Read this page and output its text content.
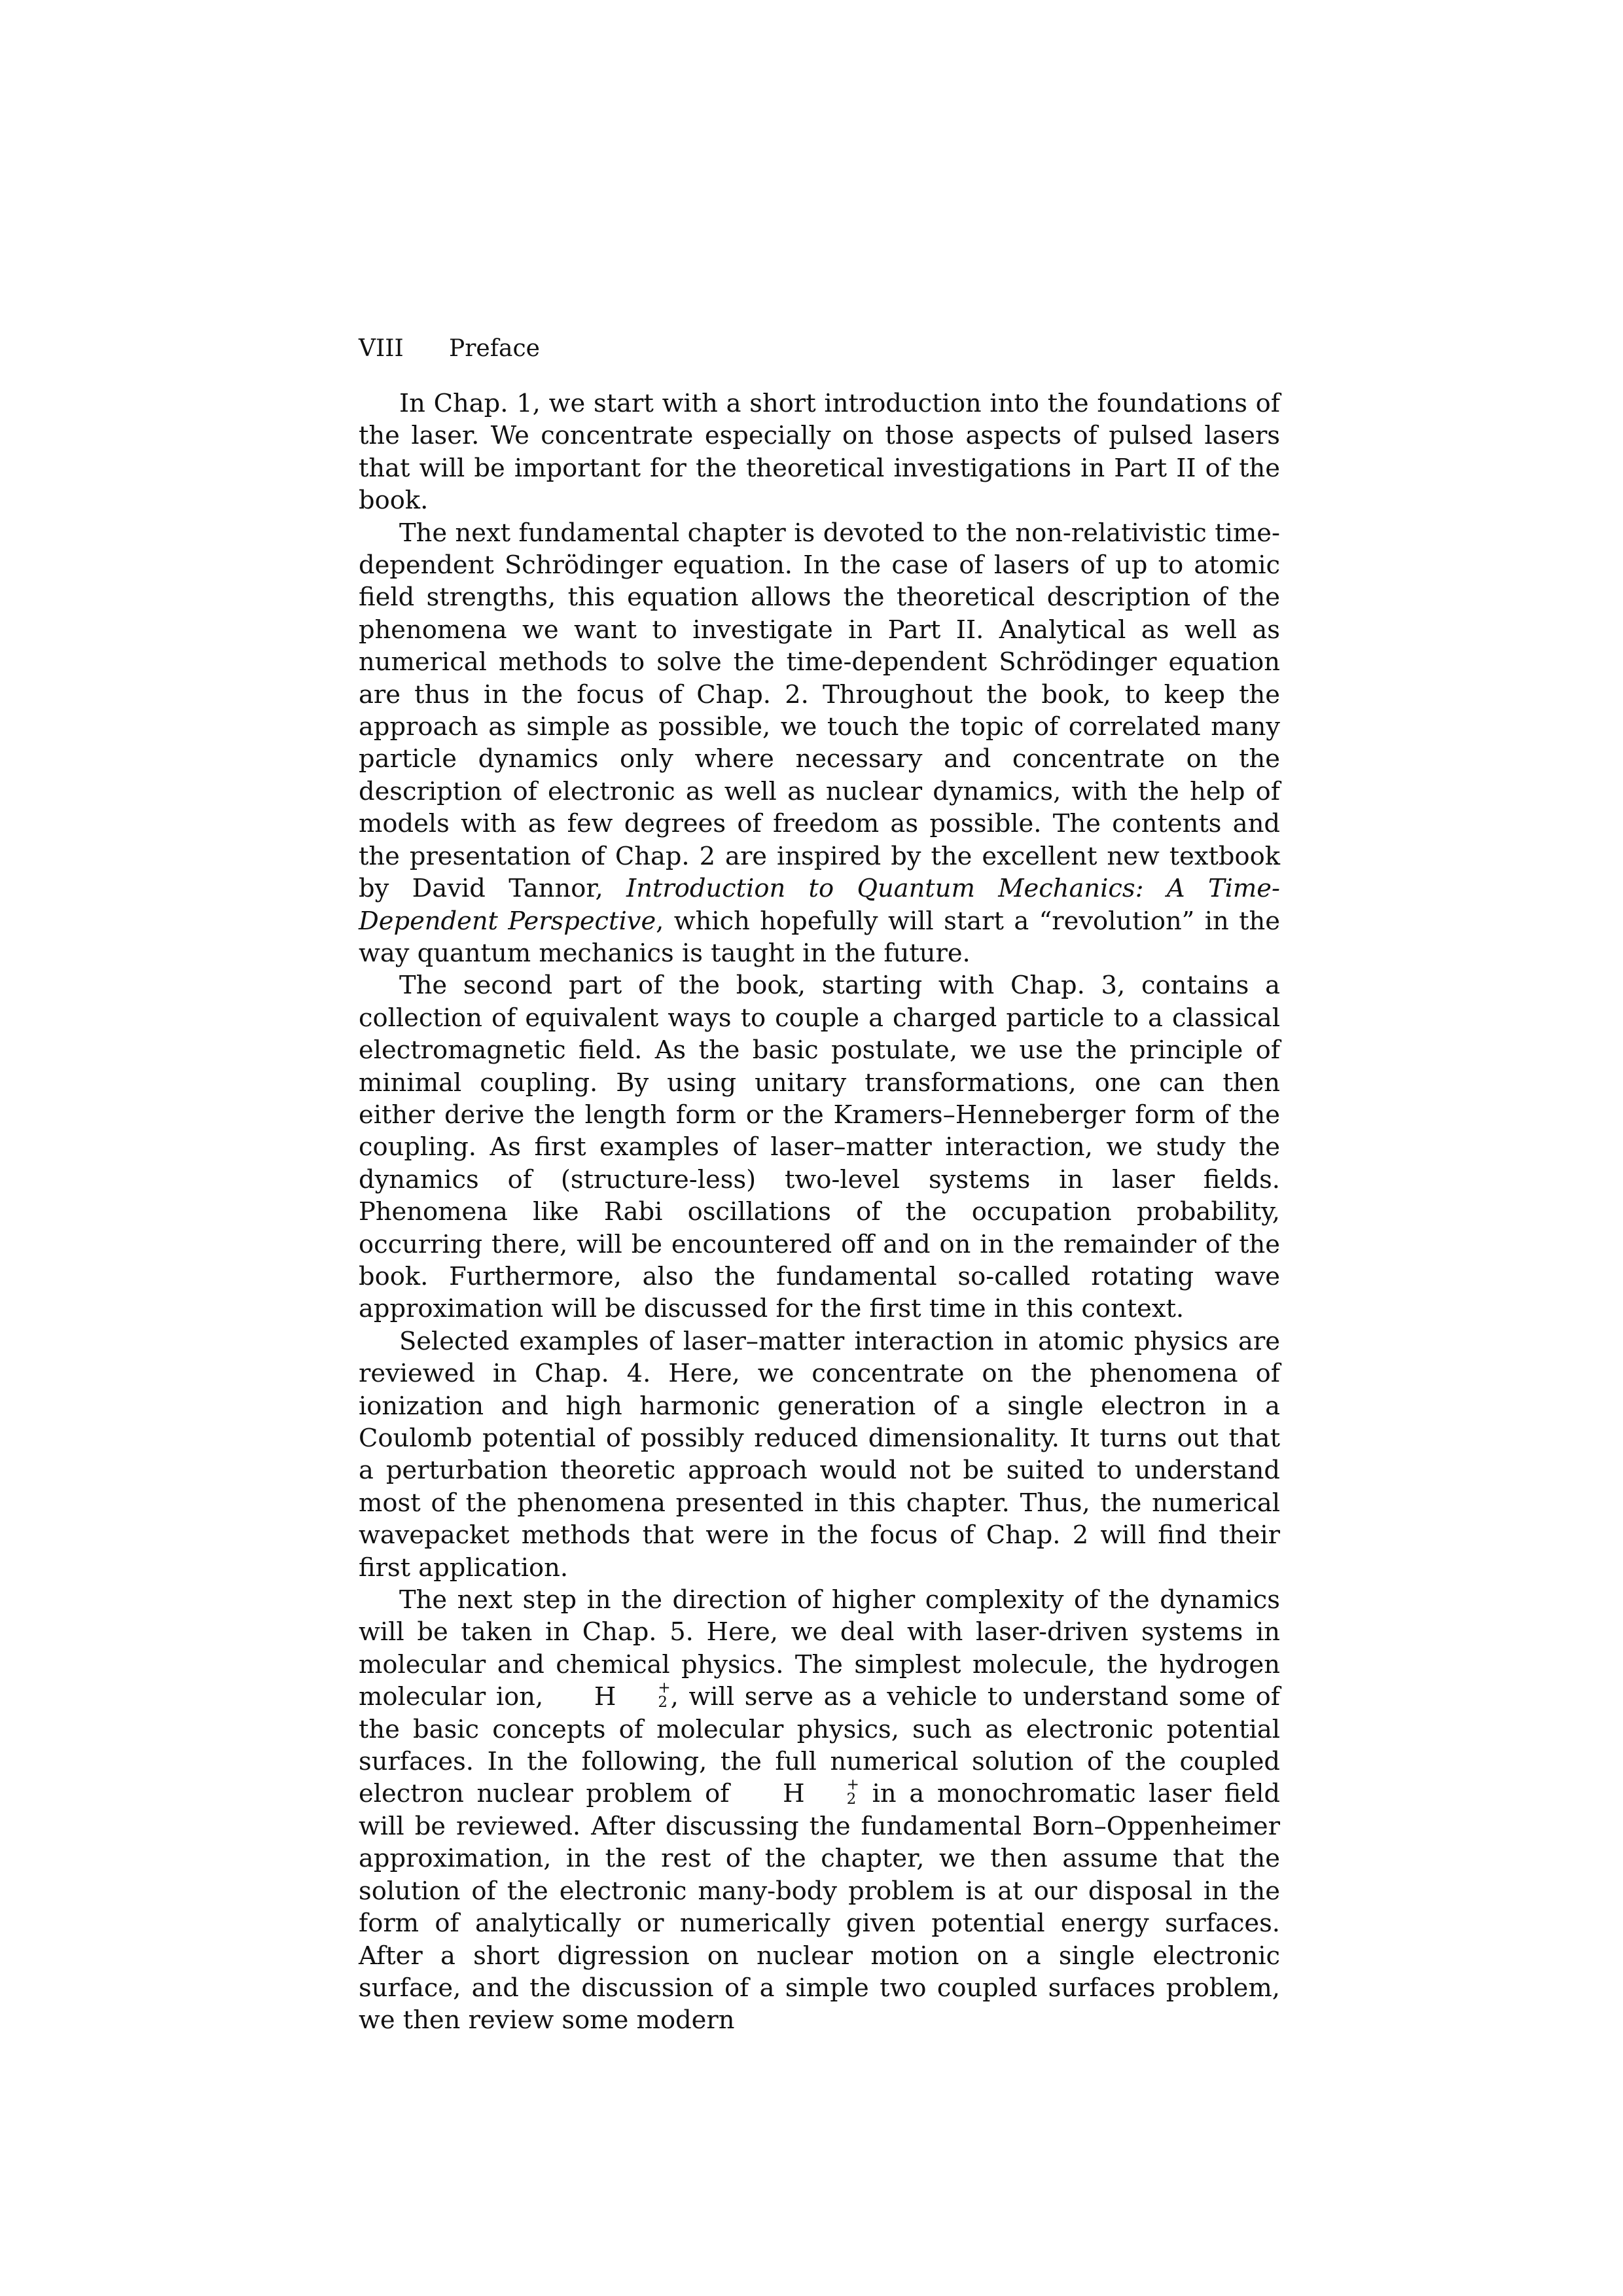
VIII Preface

In Chap. 1, we start with a short introduction into the foundations of the laser. We concentrate especially on those aspects of pulsed lasers that will be important for the theoretical investigations in Part II of the book.

The next fundamental chapter is devoted to the non-relativistic time-dependent Schrödinger equation. In the case of lasers of up to atomic field strengths, this equation allows the theoretical description of the phenomena we want to investigate in Part II. Analytical as well as numerical methods to solve the time-dependent Schrödinger equation are thus in the focus of Chap. 2. Throughout the book, to keep the approach as simple as possible, we touch the topic of correlated many particle dynamics only where necessary and concentrate on the description of electronic as well as nuclear dynamics, with the help of models with as few degrees of freedom as possible. The contents and the presentation of Chap. 2 are inspired by the excellent new textbook by David Tannor, Introduction to Quantum Mechanics: A Time-Dependent Perspective, which hopefully will start a “revolution” in the way quantum mechanics is taught in the future.

The second part of the book, starting with Chap. 3, contains a collection of equivalent ways to couple a charged particle to a classical electromagnetic field. As the basic postulate, we use the principle of minimal coupling. By using unitary transformations, one can then either derive the length form or the Kramers–Henneberger form of the coupling. As first examples of laser–matter interaction, we study the dynamics of (structure-less) two-level systems in laser fields. Phenomena like Rabi oscillations of the occupation probability, occurring there, will be encountered off and on in the remainder of the book. Furthermore, also the fundamental so-called rotating wave approximation will be discussed for the first time in this context.

Selected examples of laser–matter interaction in atomic physics are reviewed in Chap. 4. Here, we concentrate on the phenomena of ionization and high harmonic generation of a single electron in a Coulomb potential of possibly reduced dimensionality. It turns out that a perturbation theoretic approach would not be suited to understand most of the phenomena presented in this chapter. Thus, the numerical wavepacket methods that were in the focus of Chap. 2 will find their first application.

The next step in the direction of higher complexity of the dynamics will be taken in Chap. 5. Here, we deal with laser-driven systems in molecular and chemical physics. The simplest molecule, the hydrogen molecular ion,	H	+
2 , will serve as a vehicle to understand some of the basic concepts of molecular physics, such as electronic potential surfaces. In the following, the full numerical solution of the coupled electron nuclear problem of	H	+
2 in a monochromatic laser field will be reviewed. After discussing the fundamental Born–Oppenheimer approximation, in the rest of the chapter, we then assume that the solution of the electronic many-body problem is at our disposal in the form of analytically or numerically given potential energy surfaces. After a short digression on nuclear motion on a single electronic surface, and the discussion of a simple two coupled surfaces problem, we then review some modern
